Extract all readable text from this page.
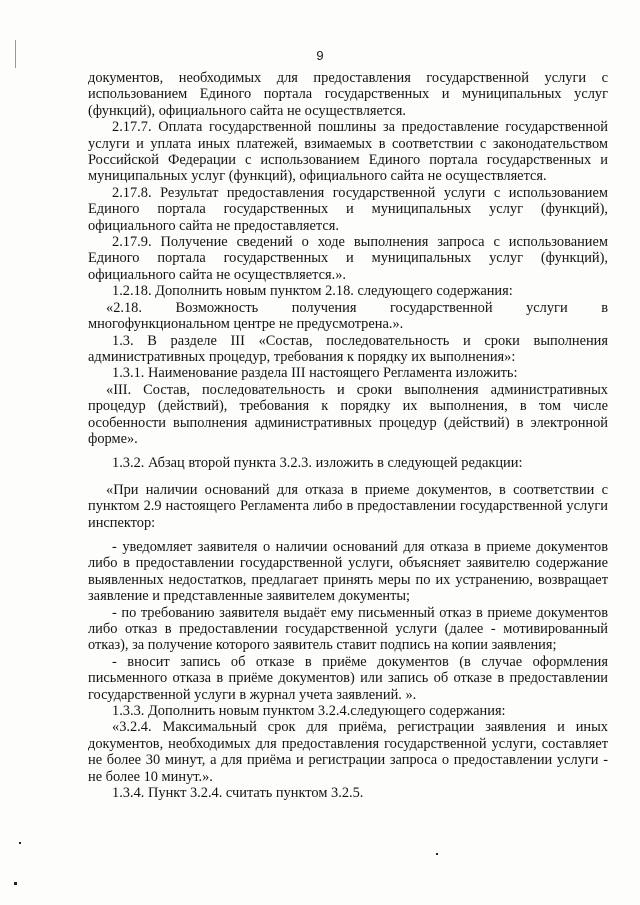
9

документов, необходимых для предоставления государственной услуги с использованием Единого портала государственных и муниципальных услуг (функций), официального сайта не осуществляется.

2.17.7. Оплата государственной пошлины за предоставление государственной услуги и уплата иных платежей, взимаемых в соответствии с законодательством Российской Федерации с использованием Единого портала государственных и муниципальных услуг (функций), официального сайта не осуществляется.

2.17.8. Результат предоставления государственной услуги с использованием Единого портала государственных и муниципальных услуг (функций), официального сайта не предоставляется.

2.17.9. Получение сведений о ходе выполнения запроса с использованием Единого портала государственных и муниципальных услуг (функций), официального сайта не осуществляется.».

1.2.18. Дополнить новым пунктом 2.18. следующего содержания:

«2.18. Возможность получения государственной услуги в

многофункциональном центре не предусмотрена.».

1.3. В разделе III «Состав, последовательность и сроки выполнения административных процедур, требования к порядку их выполнения»:

1.3.1. Наименование раздела III настоящего Регламента изложить:

«III. Состав, последовательность и сроки выполнения административных процедур (действий), требования к порядку их выполнения, в том числе особенности выполнения административных процедур (действий) в электронной форме».

1.3.2. Абзац второй пункта 3.2.3. изложить в следующей редакции:

«При наличии оснований для отказа в приеме документов, в соответствии с пунктом 2.9 настоящего Регламента либо в предоставлении государственной услуги инспектор:

- уведомляет заявителя о наличии оснований для отказа в приеме документов либо в предоставлении государственной услуги, объясняет заявителю содержание выявленных недостатков, предлагает принять меры по их устранению, возвращает заявление и представленные заявителем документы;

- по требованию заявителя выдаёт ему письменный отказ в приеме документов либо отказ в предоставлении государственной услуги (далее - мотивированный отказ), за получение которого заявитель ставит подпись на копии заявления;

- вносит запись об отказе в приёме документов (в случае оформления письменного отказа в приёме документов) или запись об отказе в предоставлении государственной услуги в журнал учета заявлений. ».

1.3.3. Дополнить новым пунктом 3.2.4.следующего содержания:

«3.2.4. Максимальный срок для приёма, регистрации заявления и иных документов, необходимых для предоставления государственной услуги, составляет не более 30 минут, а для приёма и регистрации запроса о предоставлении услуги - не более 10 минут.».

1.3.4. Пункт 3.2.4. считать пунктом 3.2.5.
